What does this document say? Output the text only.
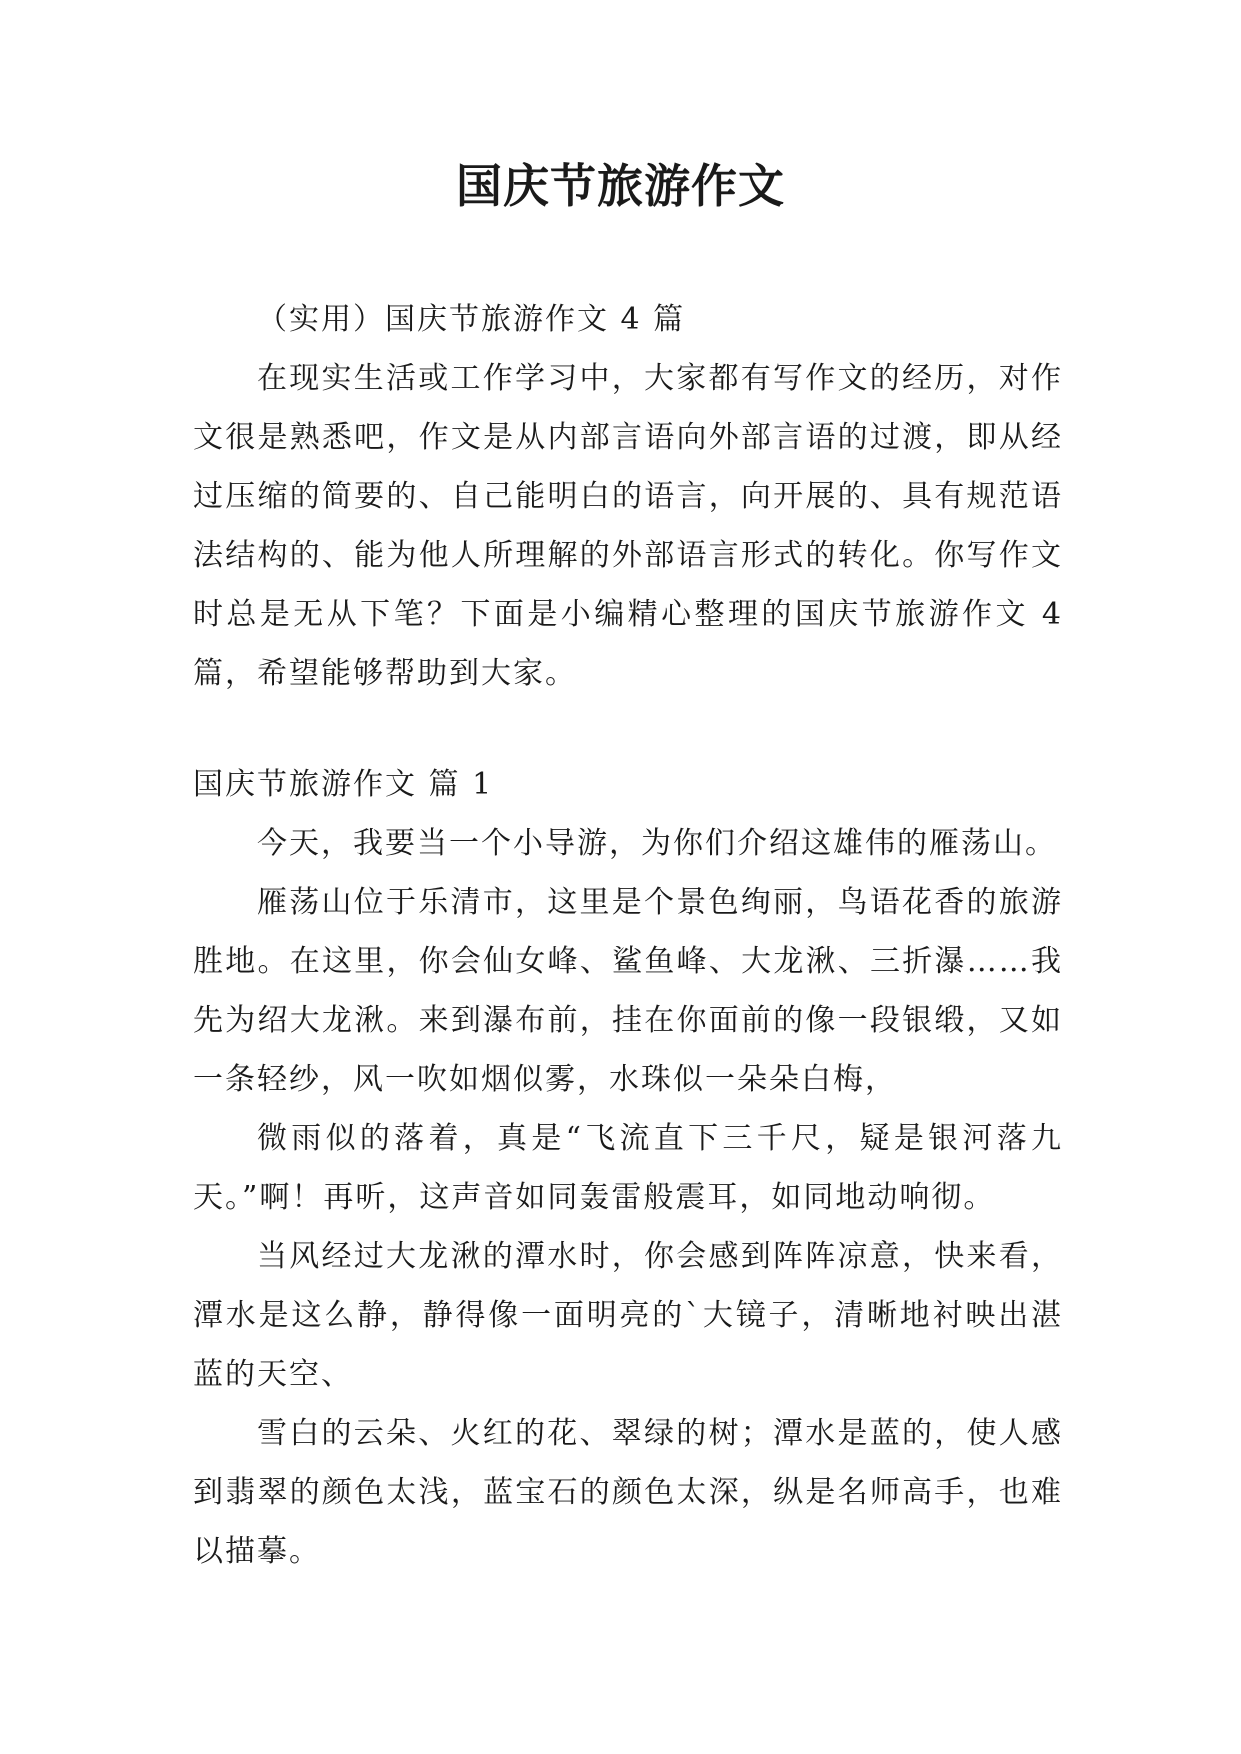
国庆节旅游作文

（实用）国庆节旅游作文 4 篇

在现实生活或工作学习中，大家都有写作文的经历，对作文很是熟悉吧，作文是从内部言语向外部言语的过渡，即从经过压缩的简要的、自己能明白的语言，向开展的、具有规范语法结构的、能为他人所理解的外部语言形式的转化。你写作文时总是无从下笔？下面是小编精心整理的国庆节旅游作文 4 篇，希望能够帮助到大家。

国庆节旅游作文 篇 1

今天，我要当一个小导游，为你们介绍这雄伟的雁荡山。

雁荡山位于乐清市，这里是个景色绚丽，鸟语花香的旅游胜地。在这里，你会仙女峰、鲨鱼峰、大龙湫、三折瀑……我先为绍大龙湫。来到瀑布前，挂在你面前的像一段银缎，又如一条轻纱，风一吹如烟似雾，水珠似一朵朵白梅，

微雨似的落着，真是“飞流直下三千尺，疑是银河落九天。”啊！再听，这声音如同轰雷般震耳，如同地动响彻。

当风经过大龙湫的潭水时，你会感到阵阵凉意，快来看，潭水是这么静，静得像一面明亮的`大镜子，清晰地衬映出湛蓝的天空、

雪白的云朵、火红的花、翠绿的树；潭水是蓝的，使人感到翡翠的颜色太浅，蓝宝石的颜色太深，纵是名师高手，也难以描摹。
